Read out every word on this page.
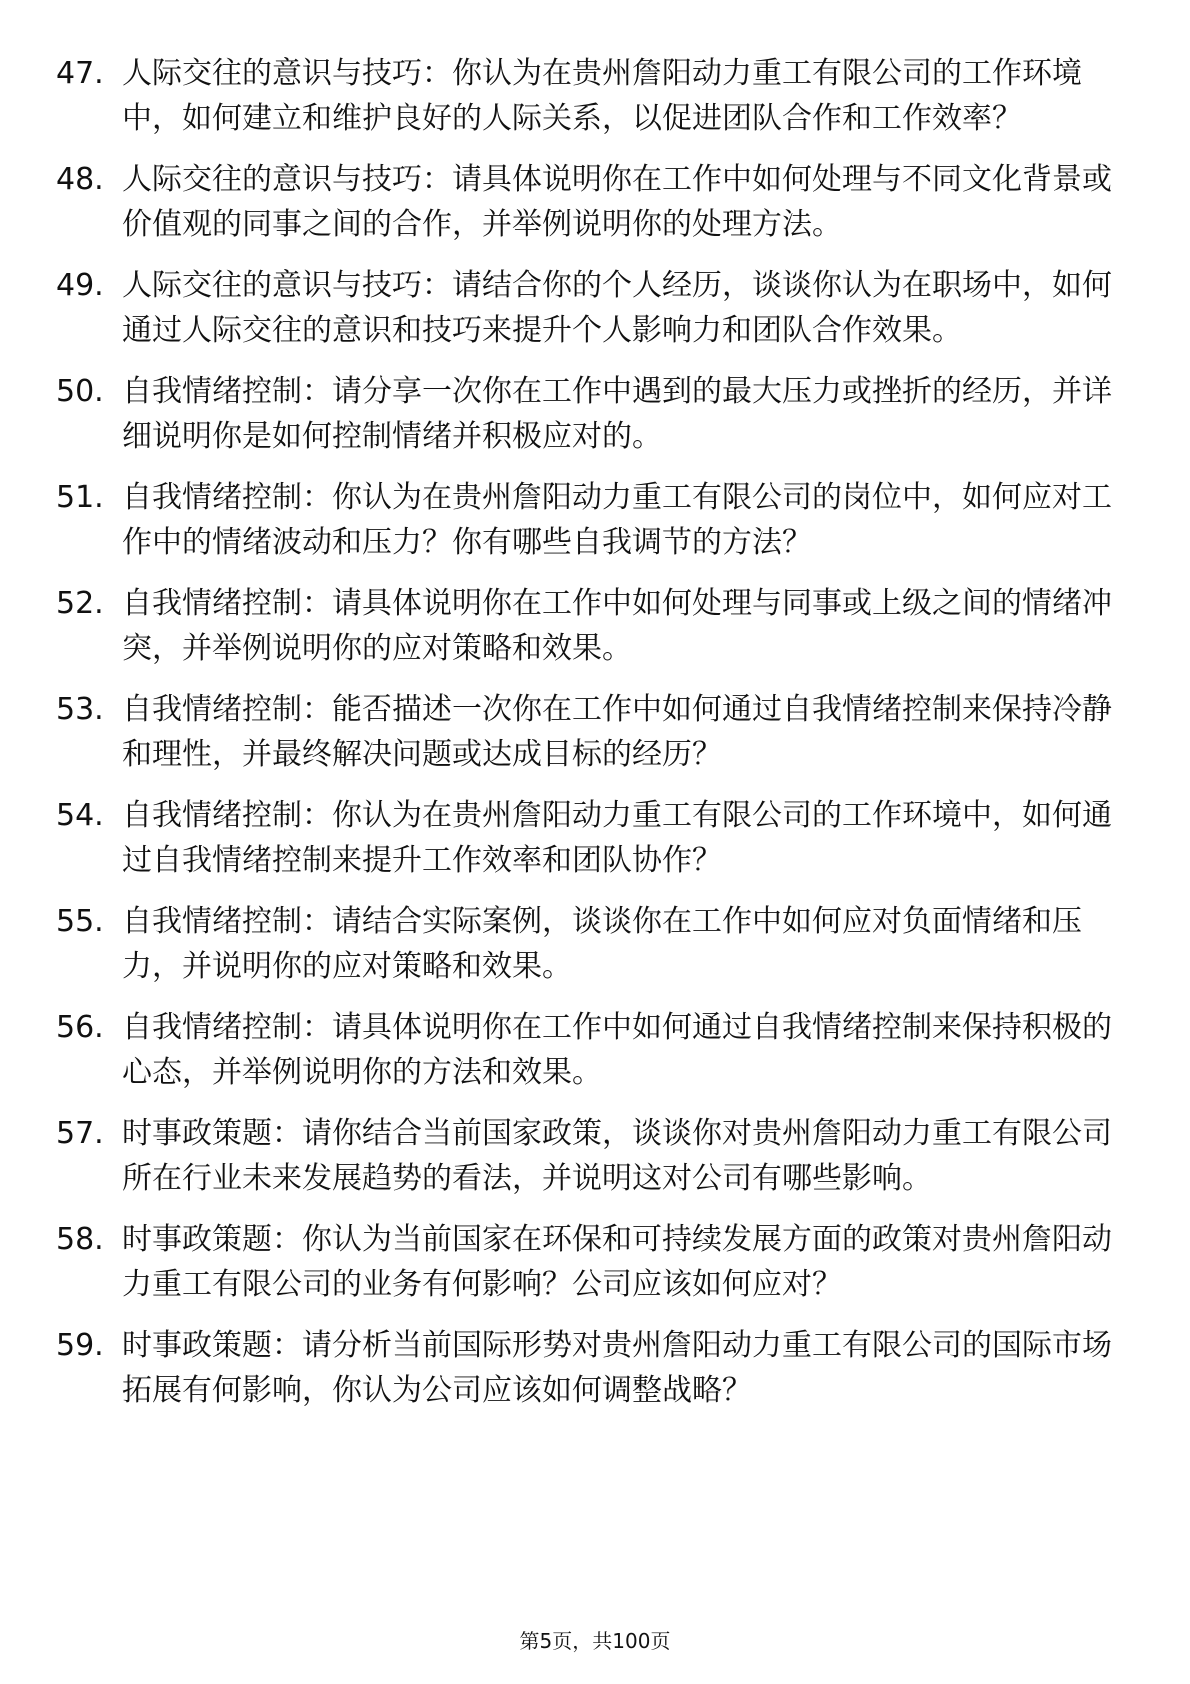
47. 人际交往的意识与技巧：你认为在贵州詹阳动力重工有限公司的工作环境中，如何建立和维护良好的人际关系，以促进团队合作和工作效率？
48. 人际交往的意识与技巧：请具体说明你在工作中如何处理与不同文化背景或价值观的同事之间的合作，并举例说明你的处理方法。
49. 人际交往的意识与技巧：请结合你的个人经历，谈谈你认为在职场中，如何通过人际交往的意识和技巧来提升个人影响力和团队合作效果。
50. 自我情绪控制：请分享一次你在工作中遇到的最大压力或挫折的经历，并详细说明你是如何控制情绪并积极应对的。
51. 自我情绪控制：你认为在贵州詹阳动力重工有限公司的岗位中，如何应对工作中的情绪波动和压力？你有哪些自我调节的方法？
52. 自我情绪控制：请具体说明你在工作中如何处理与同事或上级之间的情绪冲突，并举例说明你的应对策略和效果。
53. 自我情绪控制：能否描述一次你在工作中如何通过自我情绪控制来保持冷静和理性，并最终解决问题或达成目标的经历？
54. 自我情绪控制：你认为在贵州詹阳动力重工有限公司的工作环境中，如何通过自我情绪控制来提升工作效率和团队协作？
55. 自我情绪控制：请结合实际案例，谈谈你在工作中如何应对负面情绪和压力，并说明你的应对策略和效果。
56. 自我情绪控制：请具体说明你在工作中如何通过自我情绪控制来保持积极的心态，并举例说明你的方法和效果。
57. 时事政策题：请你结合当前国家政策，谈谈你对贵州詹阳动力重工有限公司所在行业未来发展趋势的看法，并说明这对公司有哪些影响。
58. 时事政策题：你认为当前国家在环保和可持续发展方面的政策对贵州詹阳动力重工有限公司的业务有何影响？公司应该如何应对？
59. 时事政策题：请分析当前国际形势对贵州詹阳动力重工有限公司的国际市场拓展有何影响，你认为公司应该如何调整战略？
第5页，共100页
